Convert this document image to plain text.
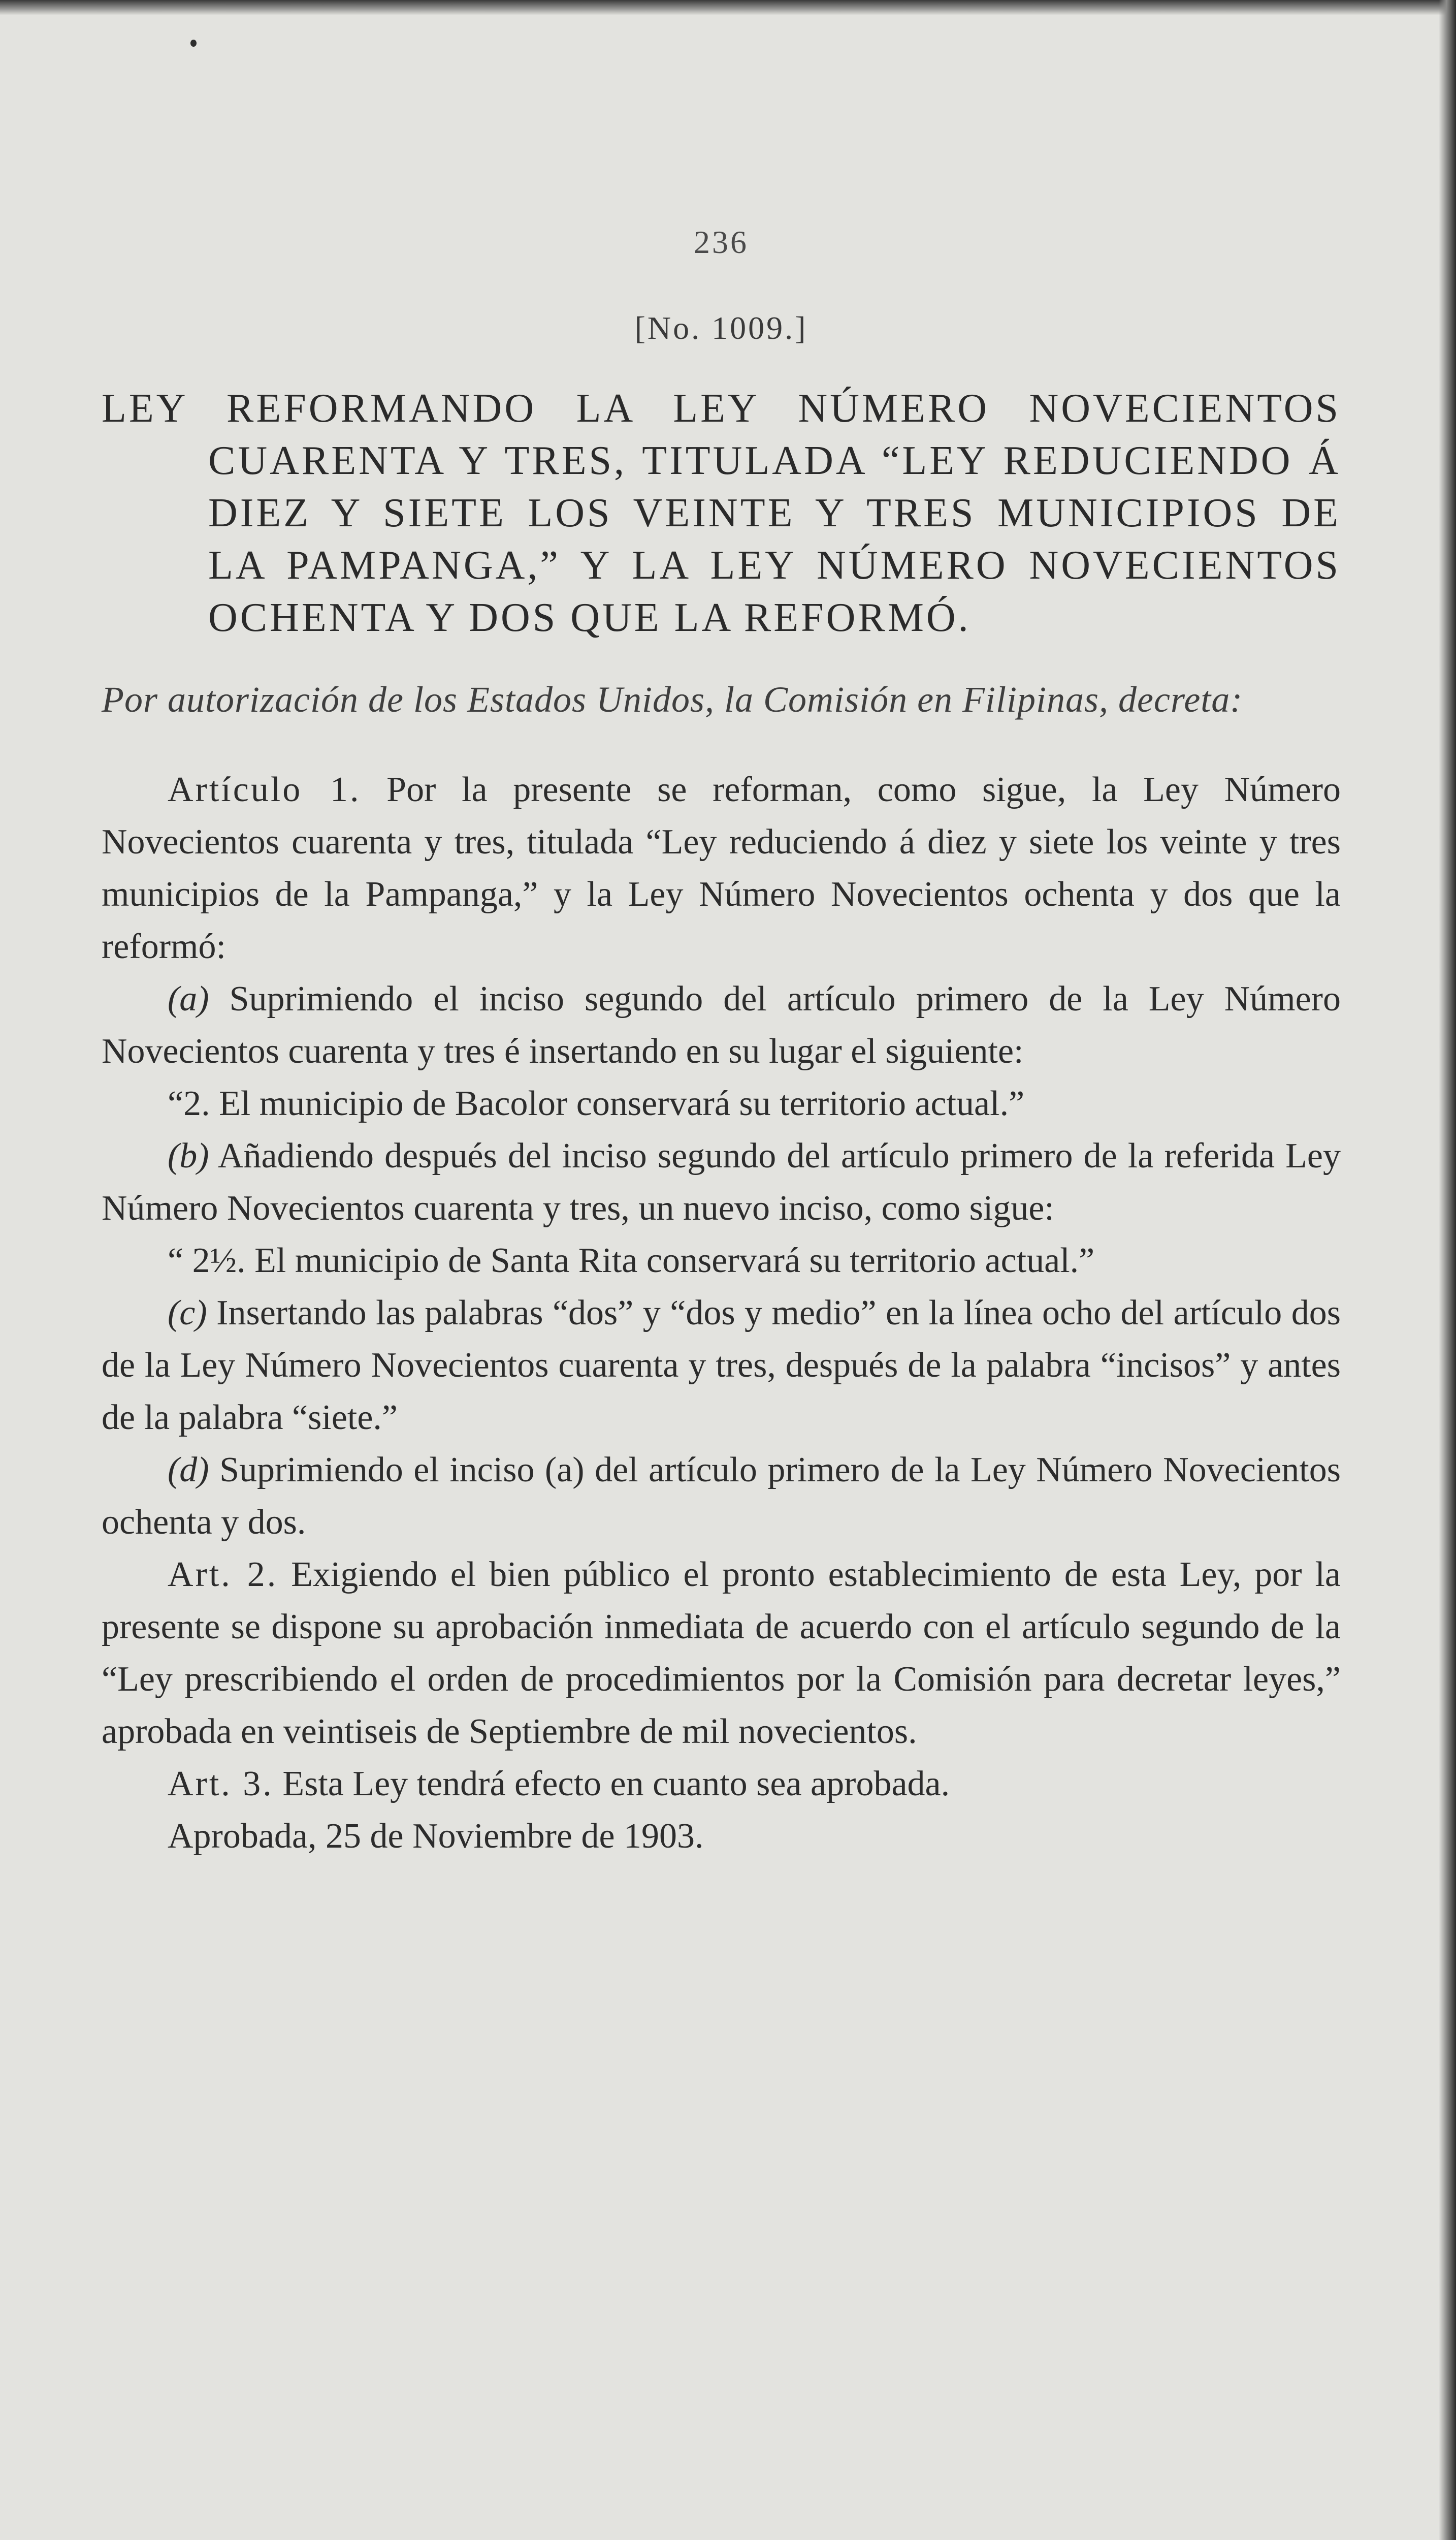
236

[No. 1009.]

LEY REFORMANDO LA LEY NÚMERO NOVECIENTOS CUARENTA Y TRES, TITULADA “LEY REDUCIENDO Á DIEZ Y SIETE LOS VEINTE Y TRES MUNICIPIOS DE LA PAMPANGA,” Y LA LEY NÚMERO NOVECIENTOS OCHENTA Y DOS QUE LA REFORMÓ.

Por autorización de los Estados Unidos, la Comisión en Filipinas, decreta:

Artículo 1. Por la presente se reforman, como sigue, la Ley Número Novecientos cuarenta y tres, titulada “Ley reduciendo á diez y siete los veinte y tres municipios de la Pampanga,” y la Ley Número Novecientos ochenta y dos que la reformó:

(a) Suprimiendo el inciso segundo del artículo primero de la Ley Número Novecientos cuarenta y tres é insertando en su lugar el siguiente:

“2. El municipio de Bacolor conservará su territorio actual.”

(b) Añadiendo después del inciso segundo del artículo primero de la referida Ley Número Novecientos cuarenta y tres, un nuevo inciso, como sigue:

“ 2½. El municipio de Santa Rita conservará su territorio actual.”

(c) Insertando las palabras “dos” y “dos y medio” en la línea ocho del artículo dos de la Ley Número Novecientos cuarenta y tres, después de la palabra “incisos” y antes de la palabra “siete.”

(d) Suprimiendo el inciso (a) del artículo primero de la Ley Número Novecientos ochenta y dos.

Art. 2. Exigiendo el bien público el pronto establecimiento de esta Ley, por la presente se dispone su aprobación inmediata de acuerdo con el artículo segundo de la “Ley prescribiendo el orden de procedimientos por la Comisión para decretar leyes,” aprobada en veintiseis de Septiembre de mil novecientos.

Art. 3. Esta Ley tendrá efecto en cuanto sea aprobada.

Aprobada, 25 de Noviembre de 1903.
